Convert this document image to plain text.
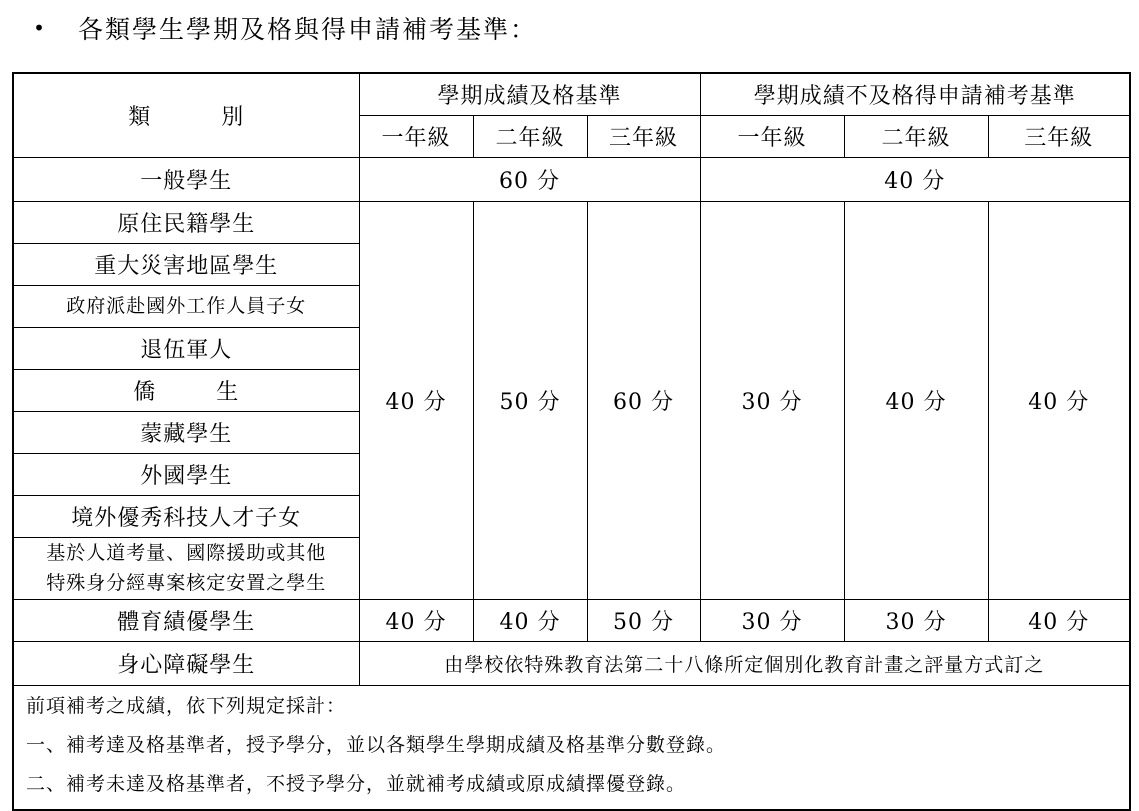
•	各類學生學期及格與得申請補考基準：
類 別	學期成績及格基準			學期成績不及格得申請補考基準		
	一年級	二年級	三年級	一年級	二年級	三年級
一般學生	60 分			40 分		
原住民籍學生	40 分	50 分	60 分	30 分	40 分	40 分
重大災害地區學生						
政府派赴國外工作人員子女						
退伍軍人						
僑 生						
蒙藏學生						
外國學生						
境外優秀科技人才子女						

基於人道考量、國際援助或其他
特殊身分經專案核定安置之學生						

體育績優學生	40 分	40 分	50 分	30 分	30 分	40 分
身心障礙學生	由學校依特殊教育法第二十八條所定個別化教育計畫之評量方式訂之					

前項補考之成績，依下列規定採計：
一、補考達及格基準者，授予學分，並以各類學生學期成績及格基準分數登錄。
二、補考未達及格基準者，不授予學分，並就補考成績或原成績擇優登錄。						
